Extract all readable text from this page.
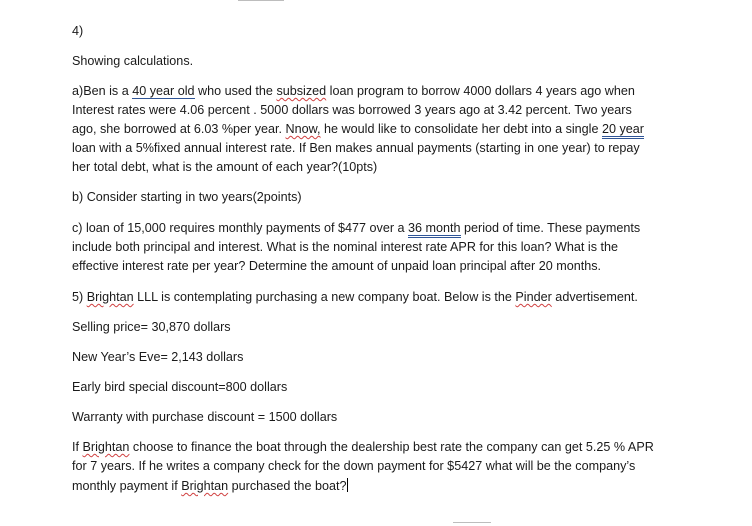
4)
Showing calculations.
a)Ben is a 40 year old who used the subsized loan program to borrow 4000 dollars 4 years ago when
Interest rates were 4.06 percent . 5000 dollars was borrowed 3 years ago at 3.42 percent. Two years
ago, she borrowed at 6.03 %per year. Nnow, he would like to consolidate her debt into a single 20 year
loan with a 5%fixed annual interest rate. If Ben makes annual payments (starting in one year) to repay
her total debt, what is the amount of each year?(10pts)
b) Consider starting in two years(2points)
c) loan of 15,000 requires monthly payments of $477 over a 36 month period of time. These payments
include both principal and interest. What is the nominal interest rate APR for this loan? What is the
effective interest rate per year? Determine the amount of unpaid loan principal after 20 months.
5) Brightan LLL is contemplating purchasing a new company boat. Below is the Pinder advertisement.
Selling price= 30,870 dollars
New Year’s Eve= 2,143 dollars
Early bird special discount=800 dollars
Warranty with purchase discount = 1500 dollars
If Brightan choose to finance the boat through the dealership best rate the company can get 5.25 % APR
for 7 years. If he writes a company check for the down payment for $5427 what will be the company’s
monthly payment if Brightan purchased the boat?
